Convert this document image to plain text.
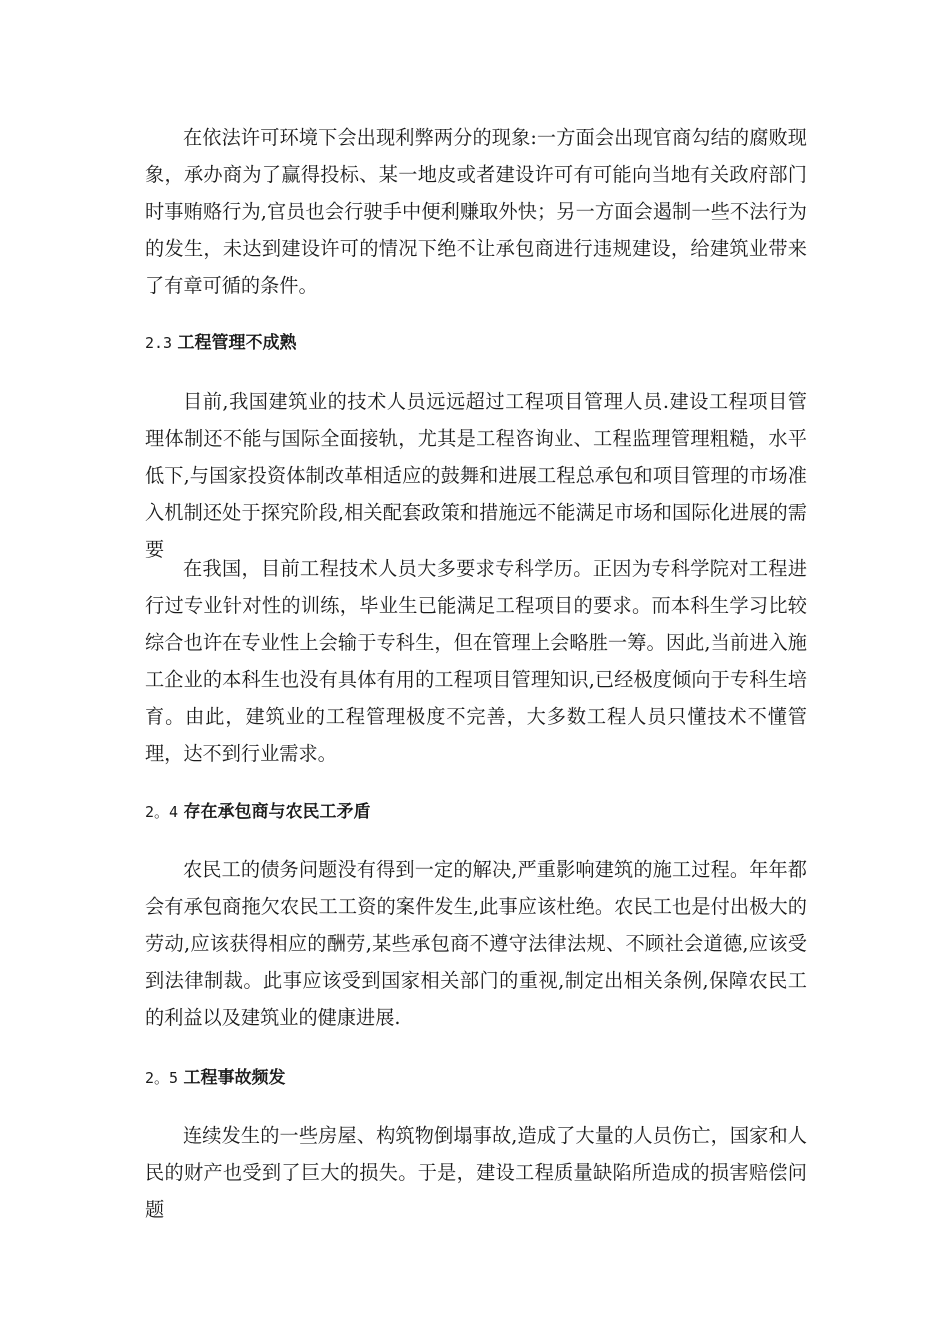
在依法许可环境下会出现利弊两分的现象:一方面会出现官商勾结的腐败现象，承办商为了赢得投标、某一地皮或者建设许可有可能向当地有关政府部门时事贿赂行为,官员也会行驶手中便利赚取外快；另一方面会遏制一些不法行为的发生，未达到建设许可的情况下绝不让承包商进行违规建设，给建筑业带来了有章可循的条件。

2.3 工程管理不成熟

目前,我国建筑业的技术人员远远超过工程项目管理人员.建设工程项目管理体制还不能与国际全面接轨，尤其是工程咨询业、工程监理管理粗糙，水平低下,与国家投资体制改革相适应的鼓舞和进展工程总承包和项目管理的市场准入机制还处于探究阶段,相关配套政策和措施远不能满足市场和国际化进展的需要

在我国，目前工程技术人员大多要求专科学历。正因为专科学院对工程进行过专业针对性的训练，毕业生已能满足工程项目的要求。而本科生学习比较综合也许在专业性上会输于专科生，但在管理上会略胜一筹。因此,当前进入施工企业的本科生也没有具体有用的工程项目管理知识,已经极度倾向于专科生培育。由此，建筑业的工程管理极度不完善，大多数工程人员只懂技术不懂管理，达不到行业需求。

2。4 存在承包商与农民工矛盾

农民工的债务问题没有得到一定的解决,严重影响建筑的施工过程。年年都会有承包商拖欠农民工工资的案件发生,此事应该杜绝。农民工也是付出极大的劳动,应该获得相应的酬劳,某些承包商不遵守法律法规、不顾社会道德,应该受到法律制裁。此事应该受到国家相关部门的重视,制定出相关条例,保障农民工的利益以及建筑业的健康进展.

2。5 工程事故频发

连续发生的一些房屋、构筑物倒塌事故,造成了大量的人员伤亡，国家和人民的财产也受到了巨大的损失。于是，建设工程质量缺陷所造成的损害赔偿问题
